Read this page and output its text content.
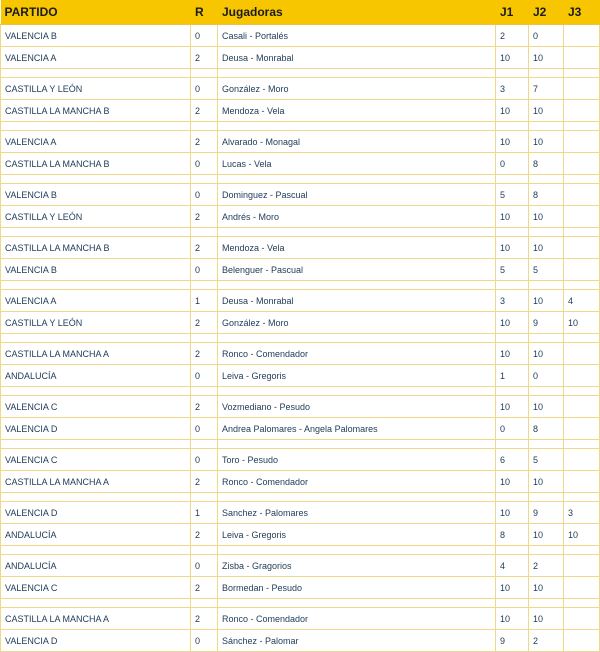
PARTIDO	R	Jugadoras	J1	J2	J3
VALENCIA B	0	Casali - Portalés	2	0	
VALENCIA A	2	Deusa - Monrabal	10	10	

CASTILLA Y LEÓN	0	González - Moro	3	7	
CASTILLA LA MANCHA B	2	Mendoza - Vela	10	10	

VALENCIA A	2	Alvarado - Monagal	10	10	
CASTILLA LA MANCHA B	0	Lucas - Vela	0	8	

VALENCIA B	0	Dominguez - Pascual	5	8	
CASTILLA Y LEÓN	2	Andrés - Moro	10	10	

CASTILLA LA MANCHA B	2	Mendoza - Vela	10	10	
VALENCIA B	0	Belenguer - Pascual	5	5	

VALENCIA A	1	Deusa - Monrabal	3	10	4
CASTILLA Y LEÓN	2	González - Moro	10	9	10

CASTILLA LA MANCHA A	2	Ronco - Comendador	10	10	
ANDALUCÍA	0	Leiva - Gregoris	1	0	

VALENCIA C	2	Vozmediano - Pesudo	10	10	
VALENCIA D	0	Andrea Palomares - Angela Palomares	0	8	

VALENCIA C	0	Toro - Pesudo	6	5	
CASTILLA LA MANCHA A	2	Ronco - Comendador	10	10	

VALENCIA D	1	Sanchez - Palomares	10	9	3
ANDALUCÍA	2	Leiva - Gregoris	8	10	10

ANDALUCÍA	0	Zisba - Gragorios	4	2	
VALENCIA C	2	Bormedan - Pesudo	10	10	

CASTILLA LA MANCHA A	2	Ronco - Comendador	10	10	
VALENCIA D	0	Sánchez - Palomar	9	2	
